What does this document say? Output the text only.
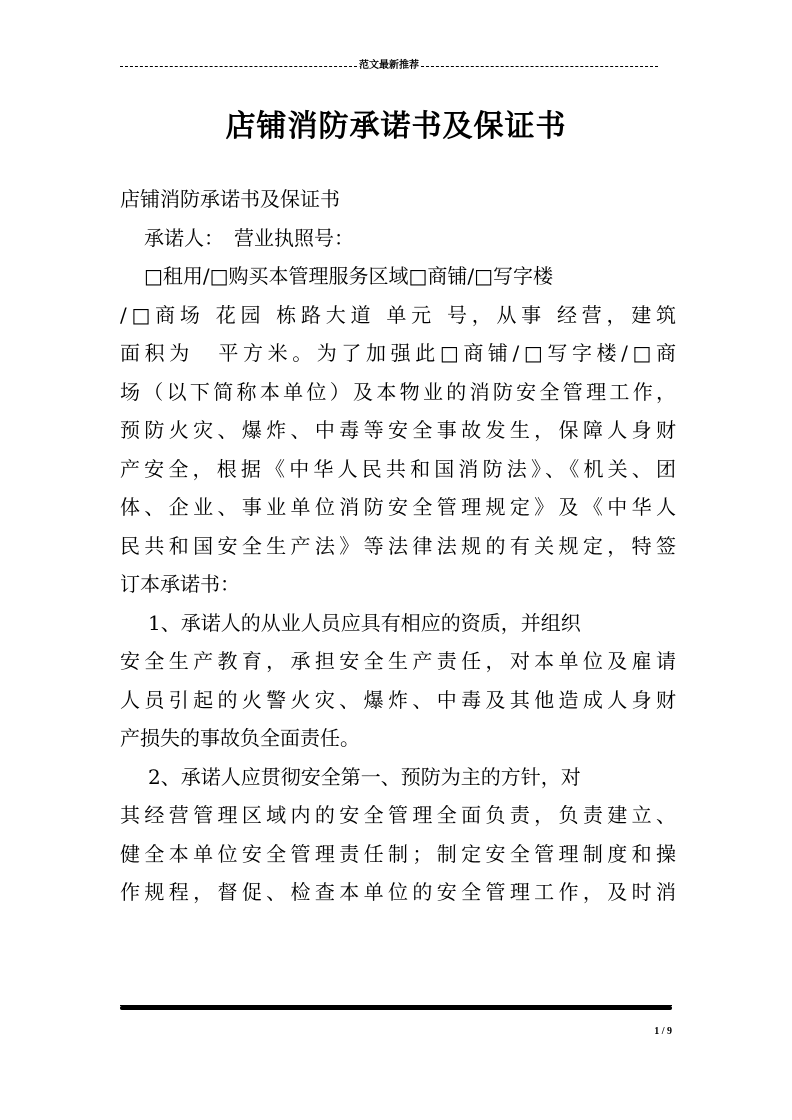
范文最新推荐
店铺消防承诺书及保证书
店铺消防承诺书及保证书
承诺人：　营业执照号：
□租用/□购买本管理服务区域□商铺/□写字楼
/□商场 花园 栋路大道 单元 号，从事 经营，建筑
面积为　平方米。为了加强此□商铺/□写字楼/□商
场（以下简称本单位）及本物业的消防安全管理工作，
预防火灾、爆炸、中毒等安全事故发生，保障人身财
产安全，根据《中华人民共和国消防法》、《机关、团
体、企业、事业单位消防安全管理规定》及《中华人
民共和国安全生产法》等法律法规的有关规定，特签
订本承诺书：
1、承诺人的从业人员应具有相应的资质，并组织
安全生产教育，承担安全生产责任，对本单位及雇请
人员引起的火警火灾、爆炸、中毒及其他造成人身财
产损失的事故负全面责任。
2、承诺人应贯彻安全第一、预防为主的方针，对
其经营管理区域内的安全管理全面负责，负责建立、
健全本单位安全管理责任制；制定安全管理制度和操
作规程，督促、检查本单位的安全管理工作，及时消
1 / 9
